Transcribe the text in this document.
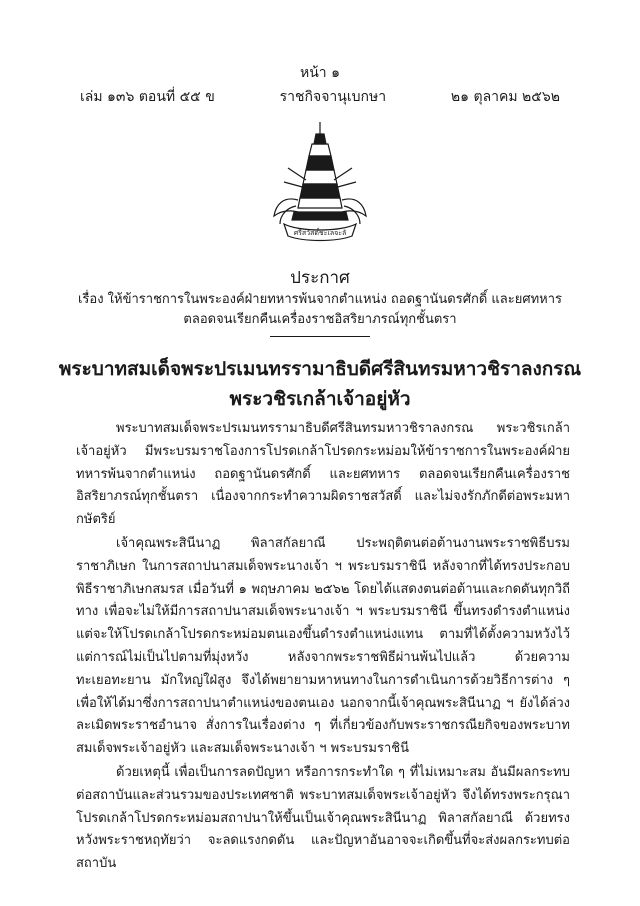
หน้า ๑
เล่ม ๑๓๖ ตอนที่ ๕๕ ข	ราชกิจจานุเบกษา	๒๑ ตุลาคม ๒๕๖๒
ศรีสวัสดิ์ชะเลจะลั
ประกาศ
เรื่อง ให้ข้าราชการในพระองค์ฝ่ายทหารพ้นจากตำแหน่ง ถอดฐานันดรศักดิ์ และยศทหาร
ตลอดจนเรียกคืนเครื่องราชอิสริยาภรณ์ทุกชั้นตรา
พระบาทสมเด็จพระปรเมนทรรามาธิบดีศรีสินทรมหาวชิราลงกรณ
พระวชิรเกล้าเจ้าอยู่หัว

พระบาทสมเด็จพระปรเมนทรรามาธิบดีศรีสินทรมหาวชิราลงกรณ พระวชิรเกล้าเจ้าอยู่หัว มีพระบรมราชโองการโปรดเกล้าโปรดกระหม่อมให้ข้าราชการในพระองค์ฝ่ายทหารพ้นจากตำแหน่ง ถอดฐานันดรศักดิ์ และยศทหาร ตลอดจนเรียกคืนเครื่องราชอิสริยาภรณ์ทุกชั้นตรา เนื่องจากกระทำความผิดราชสวัสดิ์ และไม่จงรักภักดีต่อพระมหากษัตริย์

เจ้าคุณพระสินีนาฏ พิลาสกัลยาณี ประพฤติตนต่อต้านงานพระราชพิธีบรมราชาภิเษก ในการสถาปนาสมเด็จพระนางเจ้า ฯ พระบรมราชินี หลังจากที่ได้ทรงประกอบพิธีราชาภิเษกสมรส เมื่อวันที่ ๑ พฤษภาคม ๒๕๖๒ โดยได้แสดงตนต่อต้านและกดดันทุกวิถีทาง เพื่อจะไม่ให้มีการสถาปนาสมเด็จพระนางเจ้า ฯ พระบรมราชินี ขึ้นทรงดำรงตำแหน่ง แต่จะให้โปรดเกล้าโปรดกระหม่อมตนเองขึ้นดำรงตำแหน่งแทน ตามที่ได้ตั้งความหวังไว้ แต่การณ์ไม่เป็นไปตามที่มุ่งหวัง หลังจากพระราชพิธีผ่านพ้นไปแล้ว ด้วยความทะเยอทะยาน มักใหญ่ใฝ่สูง จึงได้พยายามหาหนทางในการดำเนินการด้วยวิธีการต่าง ๆ เพื่อให้ได้มาซึ่งการสถาปนาตำแหน่งของตนเอง นอกจากนี้เจ้าคุณพระสินีนาฏ ฯ ยังได้ล่วงละเมิดพระราชอำนาจ สั่งการในเรื่องต่าง ๆ ที่เกี่ยวข้องกับพระราชกรณียกิจของพระบาทสมเด็จพระเจ้าอยู่หัว และสมเด็จพระนางเจ้า ฯ พระบรมราชินี

ด้วยเหตุนี้ เพื่อเป็นการลดปัญหา หรือการกระทำใด ๆ ที่ไม่เหมาะสม อันมีผลกระทบต่อสถาบันและส่วนรวมของประเทศชาติ พระบาทสมเด็จพระเจ้าอยู่หัว จึงได้ทรงพระกรุณาโปรดเกล้าโปรดกระหม่อมสถาปนาให้ขึ้นเป็นเจ้าคุณพระสินีนาฏ พิลาสกัลยาณี ด้วยทรงหวังพระราชหฤทัยว่า จะลดแรงกดดัน และปัญหาอันอาจจะเกิดขึ้นที่จะส่งผลกระทบต่อสถาบัน
